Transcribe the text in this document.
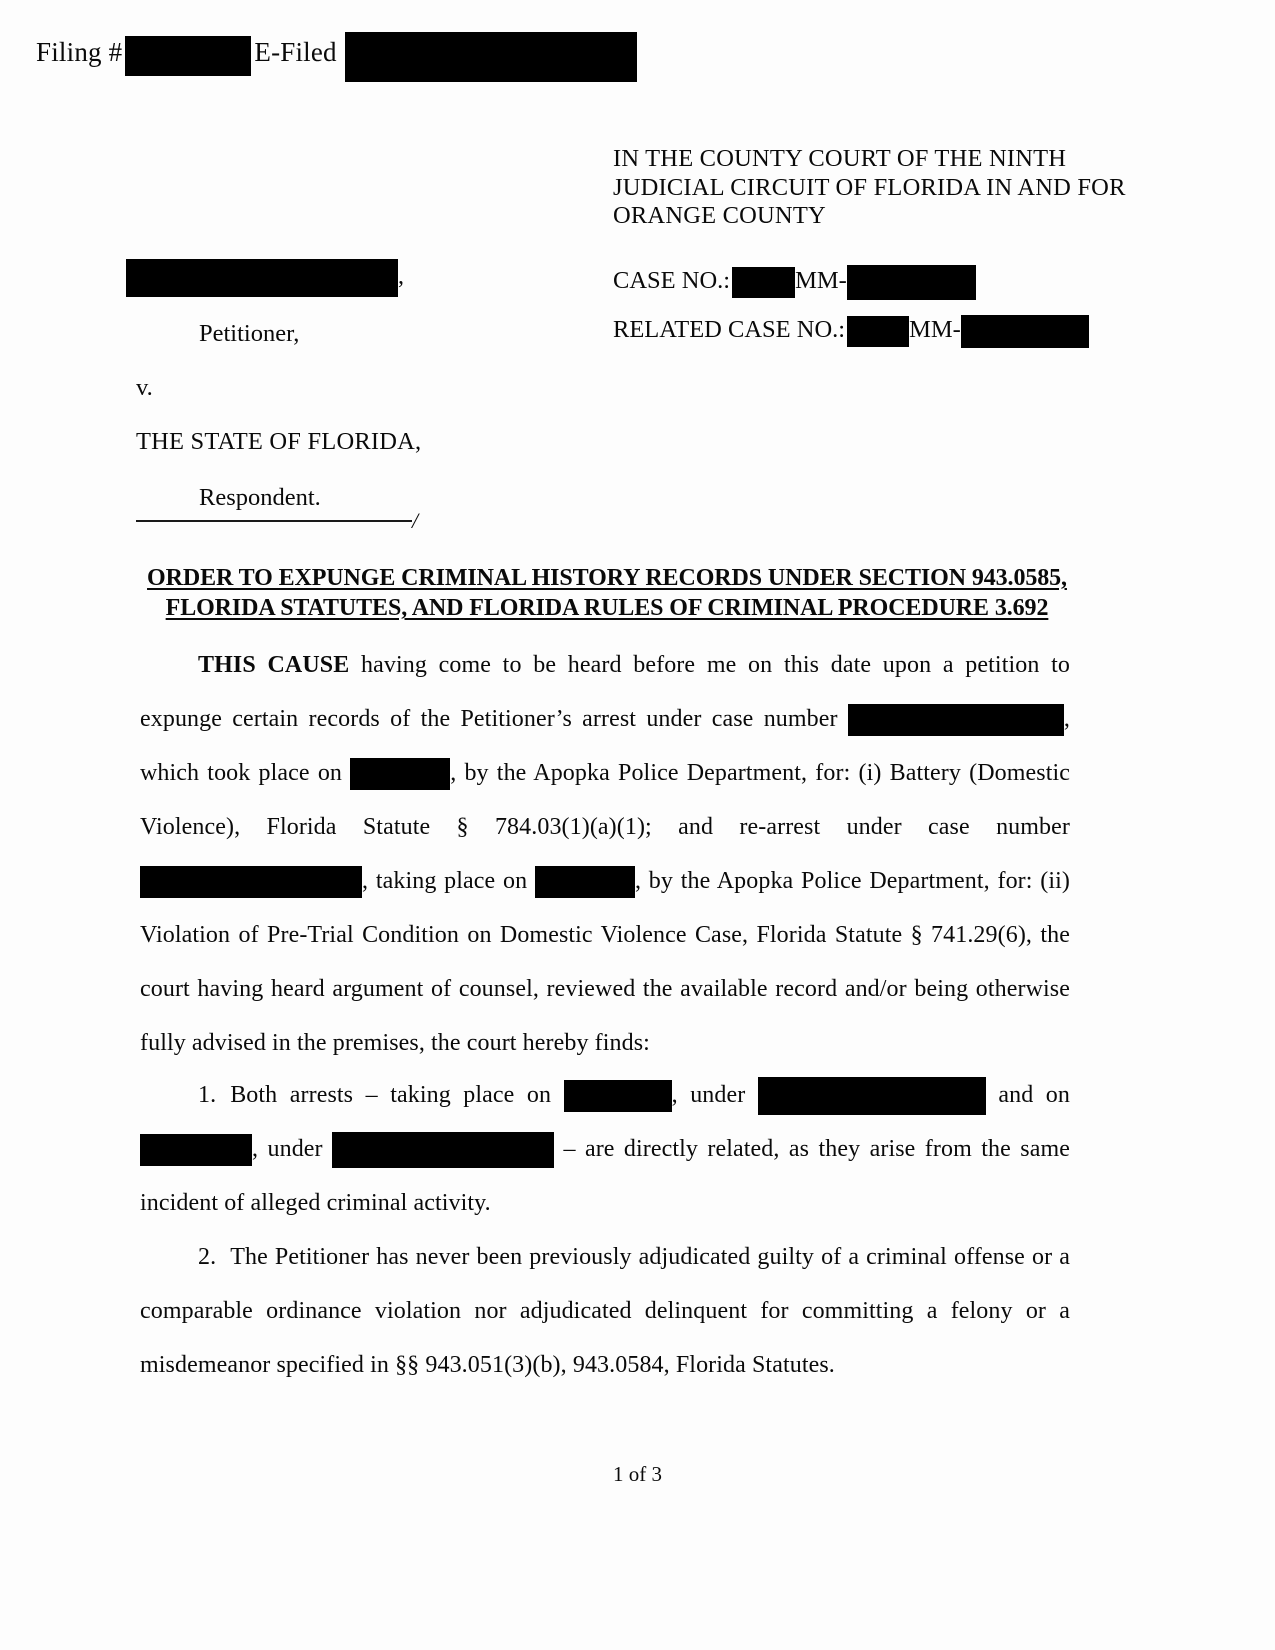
Filing #	E-Filed
IN THE COUNTY COURT OF THE NINTH
JUDICIAL CIRCUIT OF FLORIDA IN AND FOR
ORANGE COUNTY
CASE NO.:	MM-
RELATED CASE NO.:	MM-
,
Petitioner,
v.
THE STATE OF FLORIDA,
Respondent.
/
ORDER TO EXPUNGE CRIMINAL HISTORY RECORDS UNDER SECTION 943.0585,
FLORIDA STATUTES, AND FLORIDA RULES OF CRIMINAL PROCEDURE 3.692

THIS CAUSE having come to be heard before me on this date upon a petition to expunge certain records of the Petitioner’s arrest under case number	, which took place on	, by the Apopka Police Department, for: (i) Battery (Domestic Violence), Florida Statute § 784.03(1)(a)(1); and re-arrest under case number , taking place on	, by the Apopka Police Department, for: (ii) Violation of Pre-Trial Condition on Domestic Violence Case, Florida Statute § 741.29(6), the court having heard argument of counsel, reviewed the available record and/or being otherwise fully advised in the premises, the court hereby finds:

1. Both arrests – taking place on	, under	and on , under	– are directly related, as they arise from the same incident of alleged criminal activity.

2. The Petitioner has never been previously adjudicated guilty of a criminal offense or a comparable ordinance violation nor adjudicated delinquent for committing a felony or a misdemeanor specified in §§ 943.051(3)(b), 943.0584, Florida Statutes.

1 of 3
